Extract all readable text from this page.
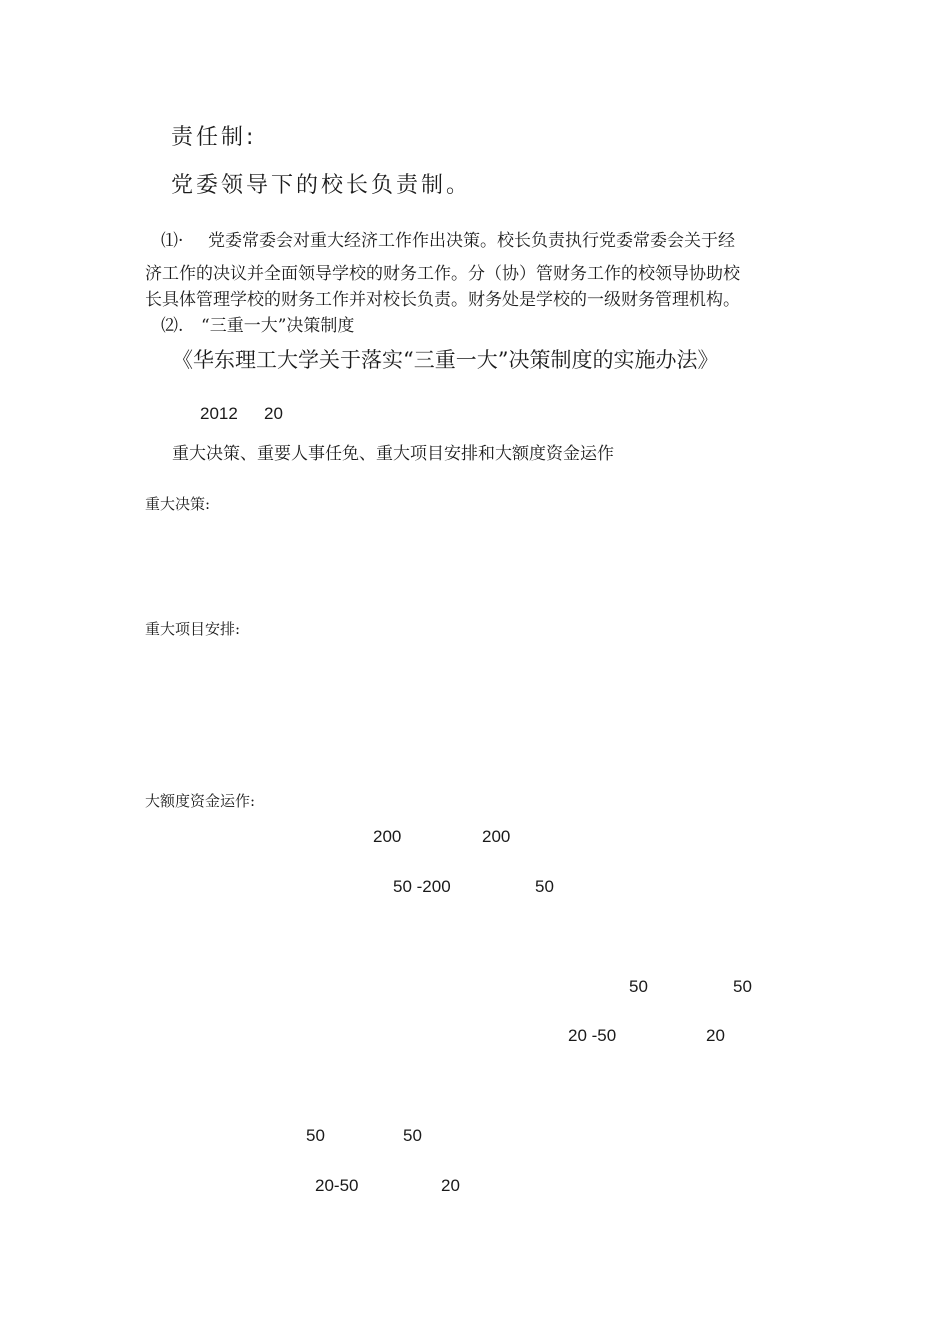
责任制:
党委领导下的校长负责制。
⑴· 党委常委会对重大经济工作作出决策。校长负责执行党委常委会关于经
济工作的决议并全面领导学校的财务工作。分（协）管财务工作的校领导协助校
长具体管理学校的财务工作并对校长负责。财务处是学校的一级财务管理机构。
⑵. “三重一大”决策制度
《华东理工大学关于落实“三重一大”决策制度的实施办法》
2012 20
重大决策、重要人事任免、重大项目安排和大额度资金运作
重大决策:
重大项目安排:
大额度资金运作:
200	200
50 -200	50
50	50
20 -50	20
50	50
20-50	20
